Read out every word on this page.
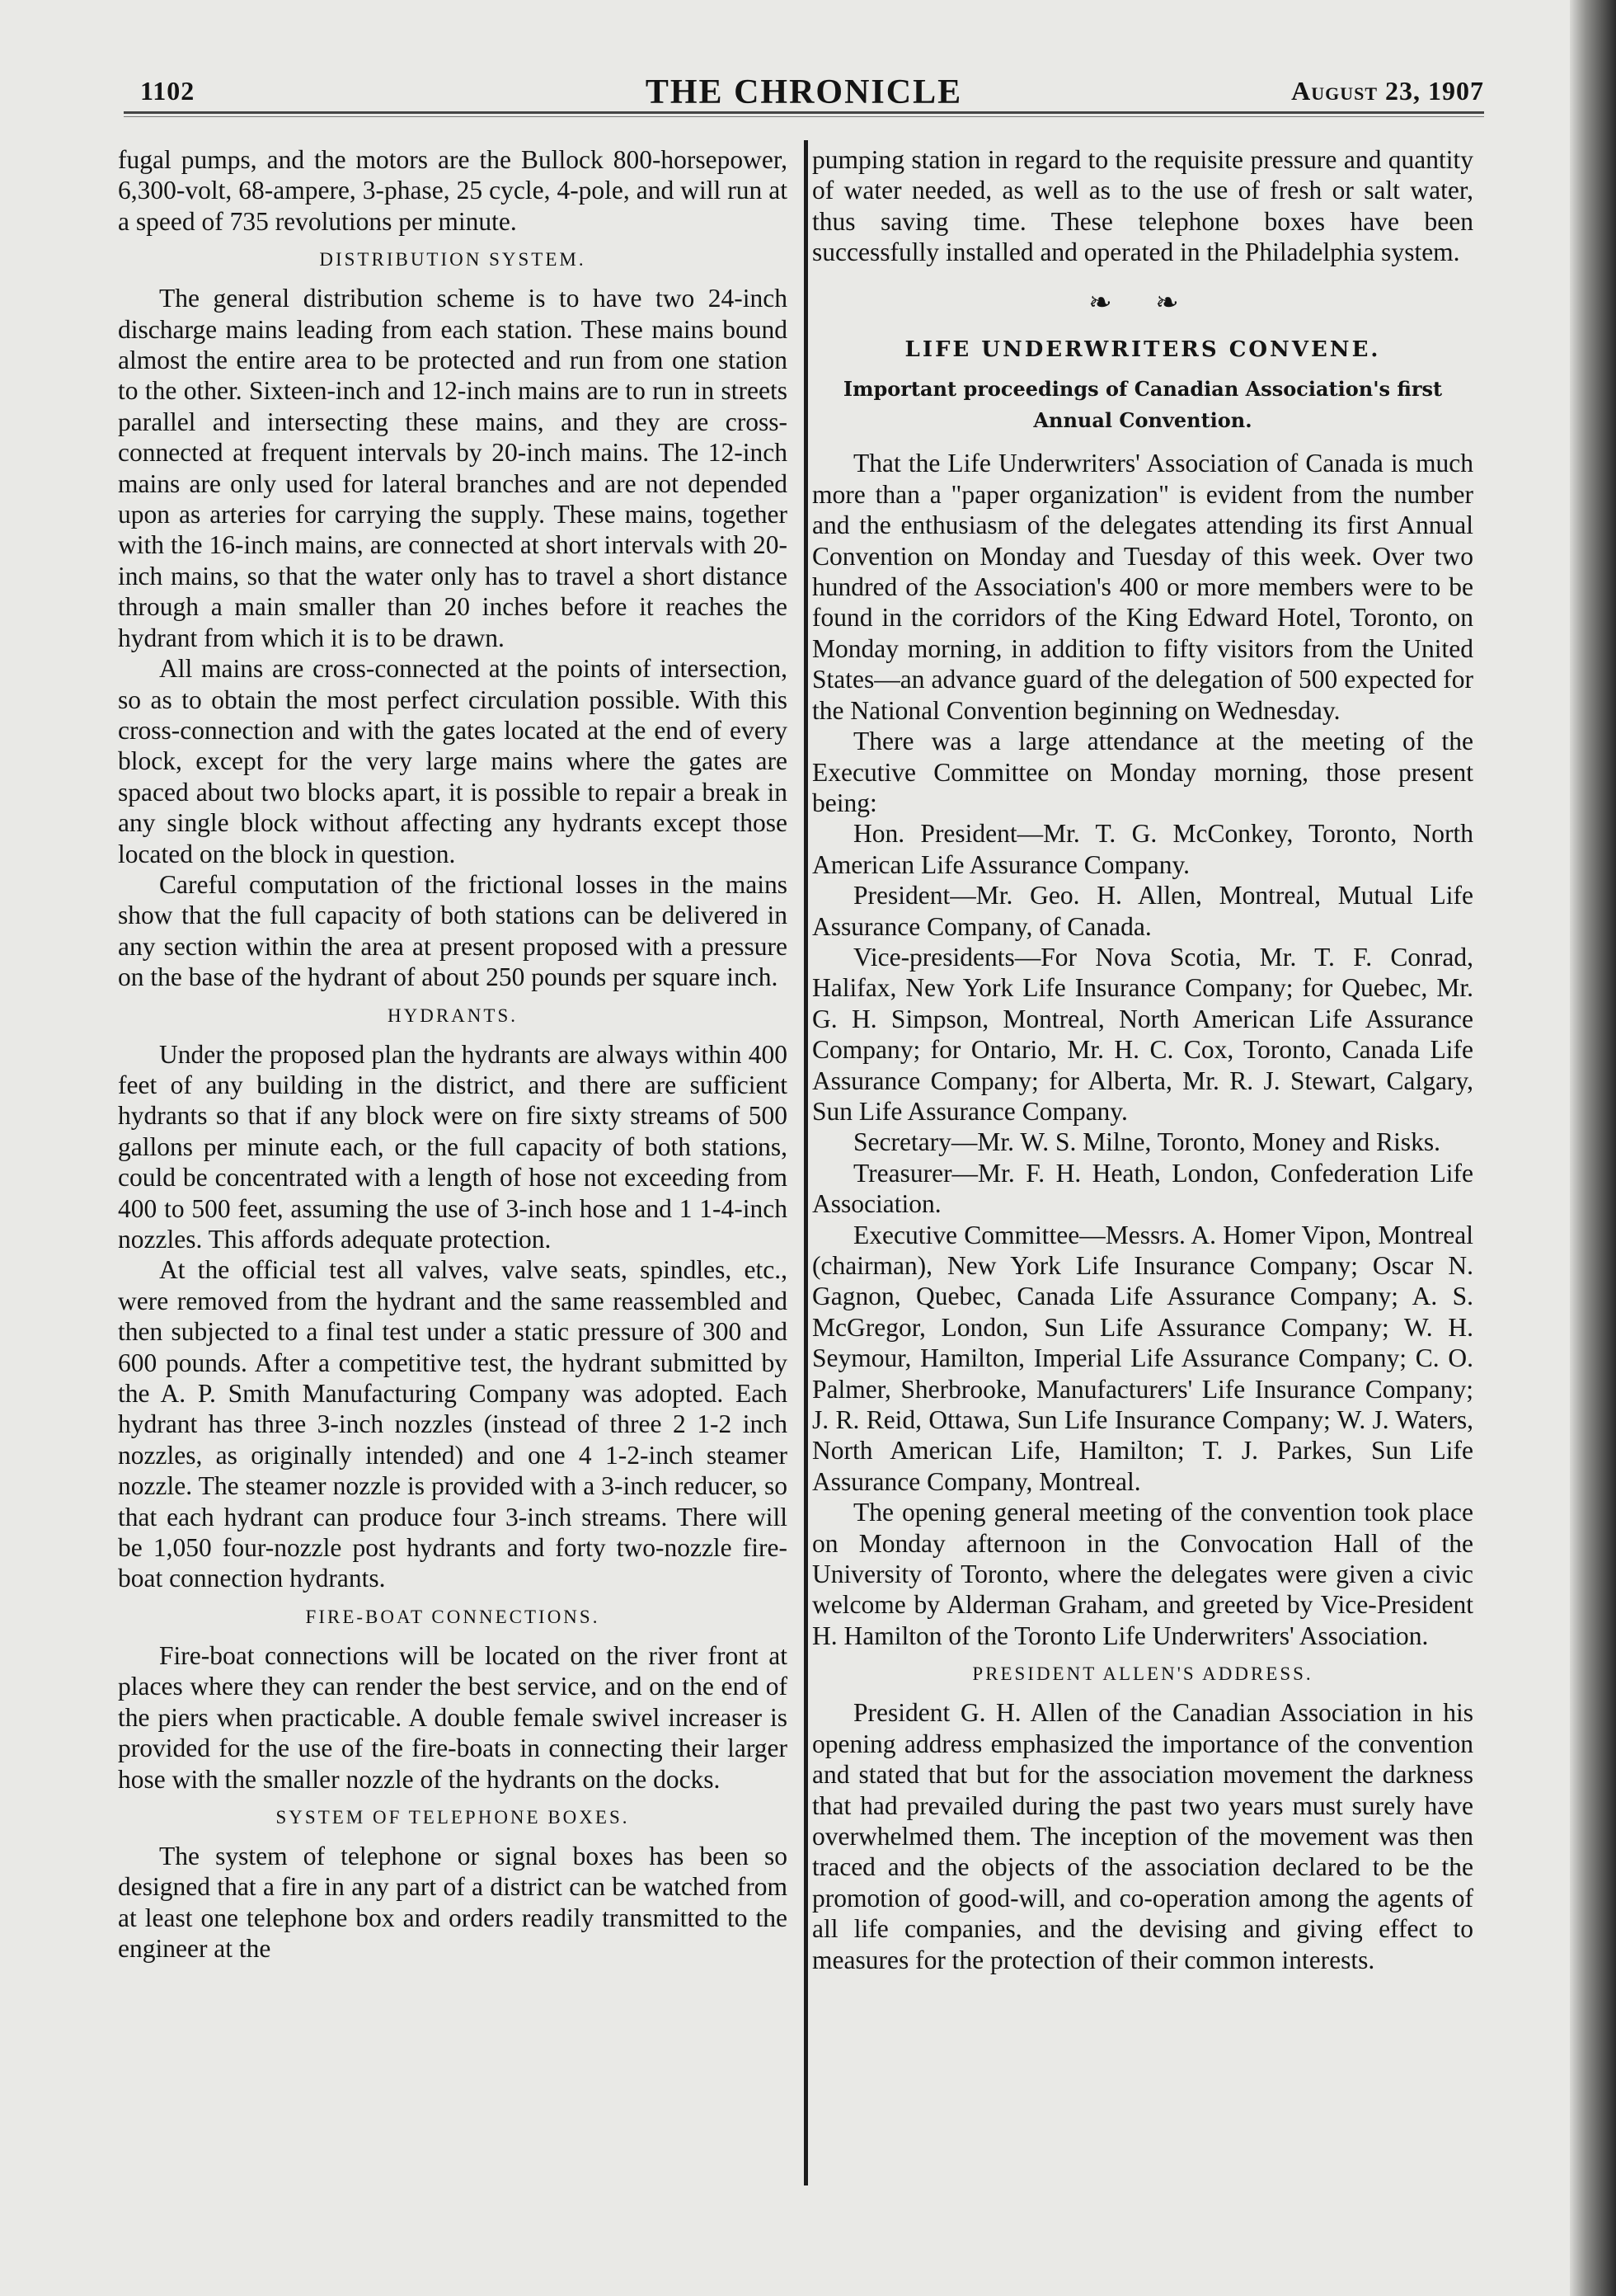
1102	THE CHRONICLE	August 23, 1907

fugal pumps, and the motors are the Bullock 800-horsepower, 6,300-volt, 68-ampere, 3-phase, 25 cycle, 4-pole, and will run at a speed of 735 revolutions per minute.

DISTRIBUTION SYSTEM.

The general distribution scheme is to have two 24-inch discharge mains leading from each station. These mains bound almost the entire area to be protected and run from one station to the other. Sixteen-inch and 12-inch mains are to run in streets parallel and intersecting these mains, and they are cross-connected at frequent intervals by 20-inch mains. The 12-inch mains are only used for lateral branches and are not depended upon as arteries for carrying the supply. These mains, together with the 16-inch mains, are connected at short intervals with 20-inch mains, so that the water only has to travel a short distance through a main smaller than 20 inches before it reaches the hydrant from which it is to be drawn.

All mains are cross-connected at the points of intersection, so as to obtain the most perfect circulation possible. With this cross-connection and with the gates located at the end of every block, except for the very large mains where the gates are spaced about two blocks apart, it is possible to repair a break in any single block without affecting any hydrants except those located on the block in question.

Careful computation of the frictional losses in the mains show that the full capacity of both stations can be delivered in any section within the area at present proposed with a pressure on the base of the hydrant of about 250 pounds per square inch.

HYDRANTS.

Under the proposed plan the hydrants are always within 400 feet of any building in the district, and there are sufficient hydrants so that if any block were on fire sixty streams of 500 gallons per minute each, or the full capacity of both stations, could be concentrated with a length of hose not exceeding from 400 to 500 feet, assuming the use of 3-inch hose and 1 1-4-inch nozzles. This affords adequate protection.

At the official test all valves, valve seats, spindles, etc., were removed from the hydrant and the same reassembled and then subjected to a final test under a static pressure of 300 and 600 pounds. After a competitive test, the hydrant submitted by the A. P. Smith Manufacturing Company was adopted. Each hydrant has three 3-inch nozzles (instead of three 2 1-2 inch nozzles, as originally intended) and one 4 1-2-inch steamer nozzle. The steamer nozzle is provided with a 3-inch reducer, so that each hydrant can produce four 3-inch streams. There will be 1,050 four-nozzle post hydrants and forty two-nozzle fire-boat connection hydrants.

FIRE-BOAT CONNECTIONS.

Fire-boat connections will be located on the river front at places where they can render the best service, and on the end of the piers when practicable. A double female swivel increaser is provided for the use of the fire-boats in connecting their larger hose with the smaller nozzle of the hydrants on the docks.

SYSTEM OF TELEPHONE BOXES.

The system of telephone or signal boxes has been so designed that a fire in any part of a district can be watched from at least one telephone box and orders readily transmitted to the engineer at the

pumping station in regard to the requisite pressure and quantity of water needed, as well as to the use of fresh or salt water, thus saving time. These telephone boxes have been successfully installed and operated in the Philadelphia system.

❧ ❧
LIFE UNDERWRITERS CONVENE.
Important proceedings of Canadian Association's first Annual Convention.

That the Life Underwriters' Association of Canada is much more than a "paper organization" is evident from the number and the enthusiasm of the delegates attending its first Annual Convention on Monday and Tuesday of this week. Over two hundred of the Association's 400 or more members were to be found in the corridors of the King Edward Hotel, Toronto, on Monday morning, in addition to fifty visitors from the United States—an advance guard of the delegation of 500 expected for the National Convention beginning on Wednesday.

There was a large attendance at the meeting of the Executive Committee on Monday morning, those present being:

Hon. President—Mr. T. G. McConkey, Toronto, North American Life Assurance Company.

President—Mr. Geo. H. Allen, Montreal, Mutual Life Assurance Company, of Canada.

Vice-presidents—For Nova Scotia, Mr. T. F. Conrad, Halifax, New York Life Insurance Company; for Quebec, Mr. G. H. Simpson, Montreal, North American Life Assurance Company; for Ontario, Mr. H. C. Cox, Toronto, Canada Life Assurance Company; for Alberta, Mr. R. J. Stewart, Calgary, Sun Life Assurance Company.

Secretary—Mr. W. S. Milne, Toronto, Money and Risks.

Treasurer—Mr. F. H. Heath, London, Confederation Life Association.

Executive Committee—Messrs. A. Homer Vipon, Montreal (chairman), New York Life Insurance Company; Oscar N. Gagnon, Quebec, Canada Life Assurance Company; A. S. McGregor, London, Sun Life Assurance Company; W. H. Seymour, Hamilton, Imperial Life Assurance Company; C. O. Palmer, Sherbrooke, Manufacturers' Life Insurance Company; J. R. Reid, Ottawa, Sun Life Insurance Company; W. J. Waters, North American Life, Hamilton; T. J. Parkes, Sun Life Assurance Company, Montreal.

The opening general meeting of the convention took place on Monday afternoon in the Convocation Hall of the University of Toronto, where the delegates were given a civic welcome by Alderman Graham, and greeted by Vice-President H. Hamilton of the Toronto Life Underwriters' Association.

PRESIDENT ALLEN'S ADDRESS.

President G. H. Allen of the Canadian Association in his opening address emphasized the importance of the convention and stated that but for the association movement the darkness that had prevailed during the past two years must surely have overwhelmed them. The inception of the movement was then traced and the objects of the association declared to be the promotion of good-will, and co-operation among the agents of all life companies, and the devising and giving effect to measures for the protection of their common interests.
